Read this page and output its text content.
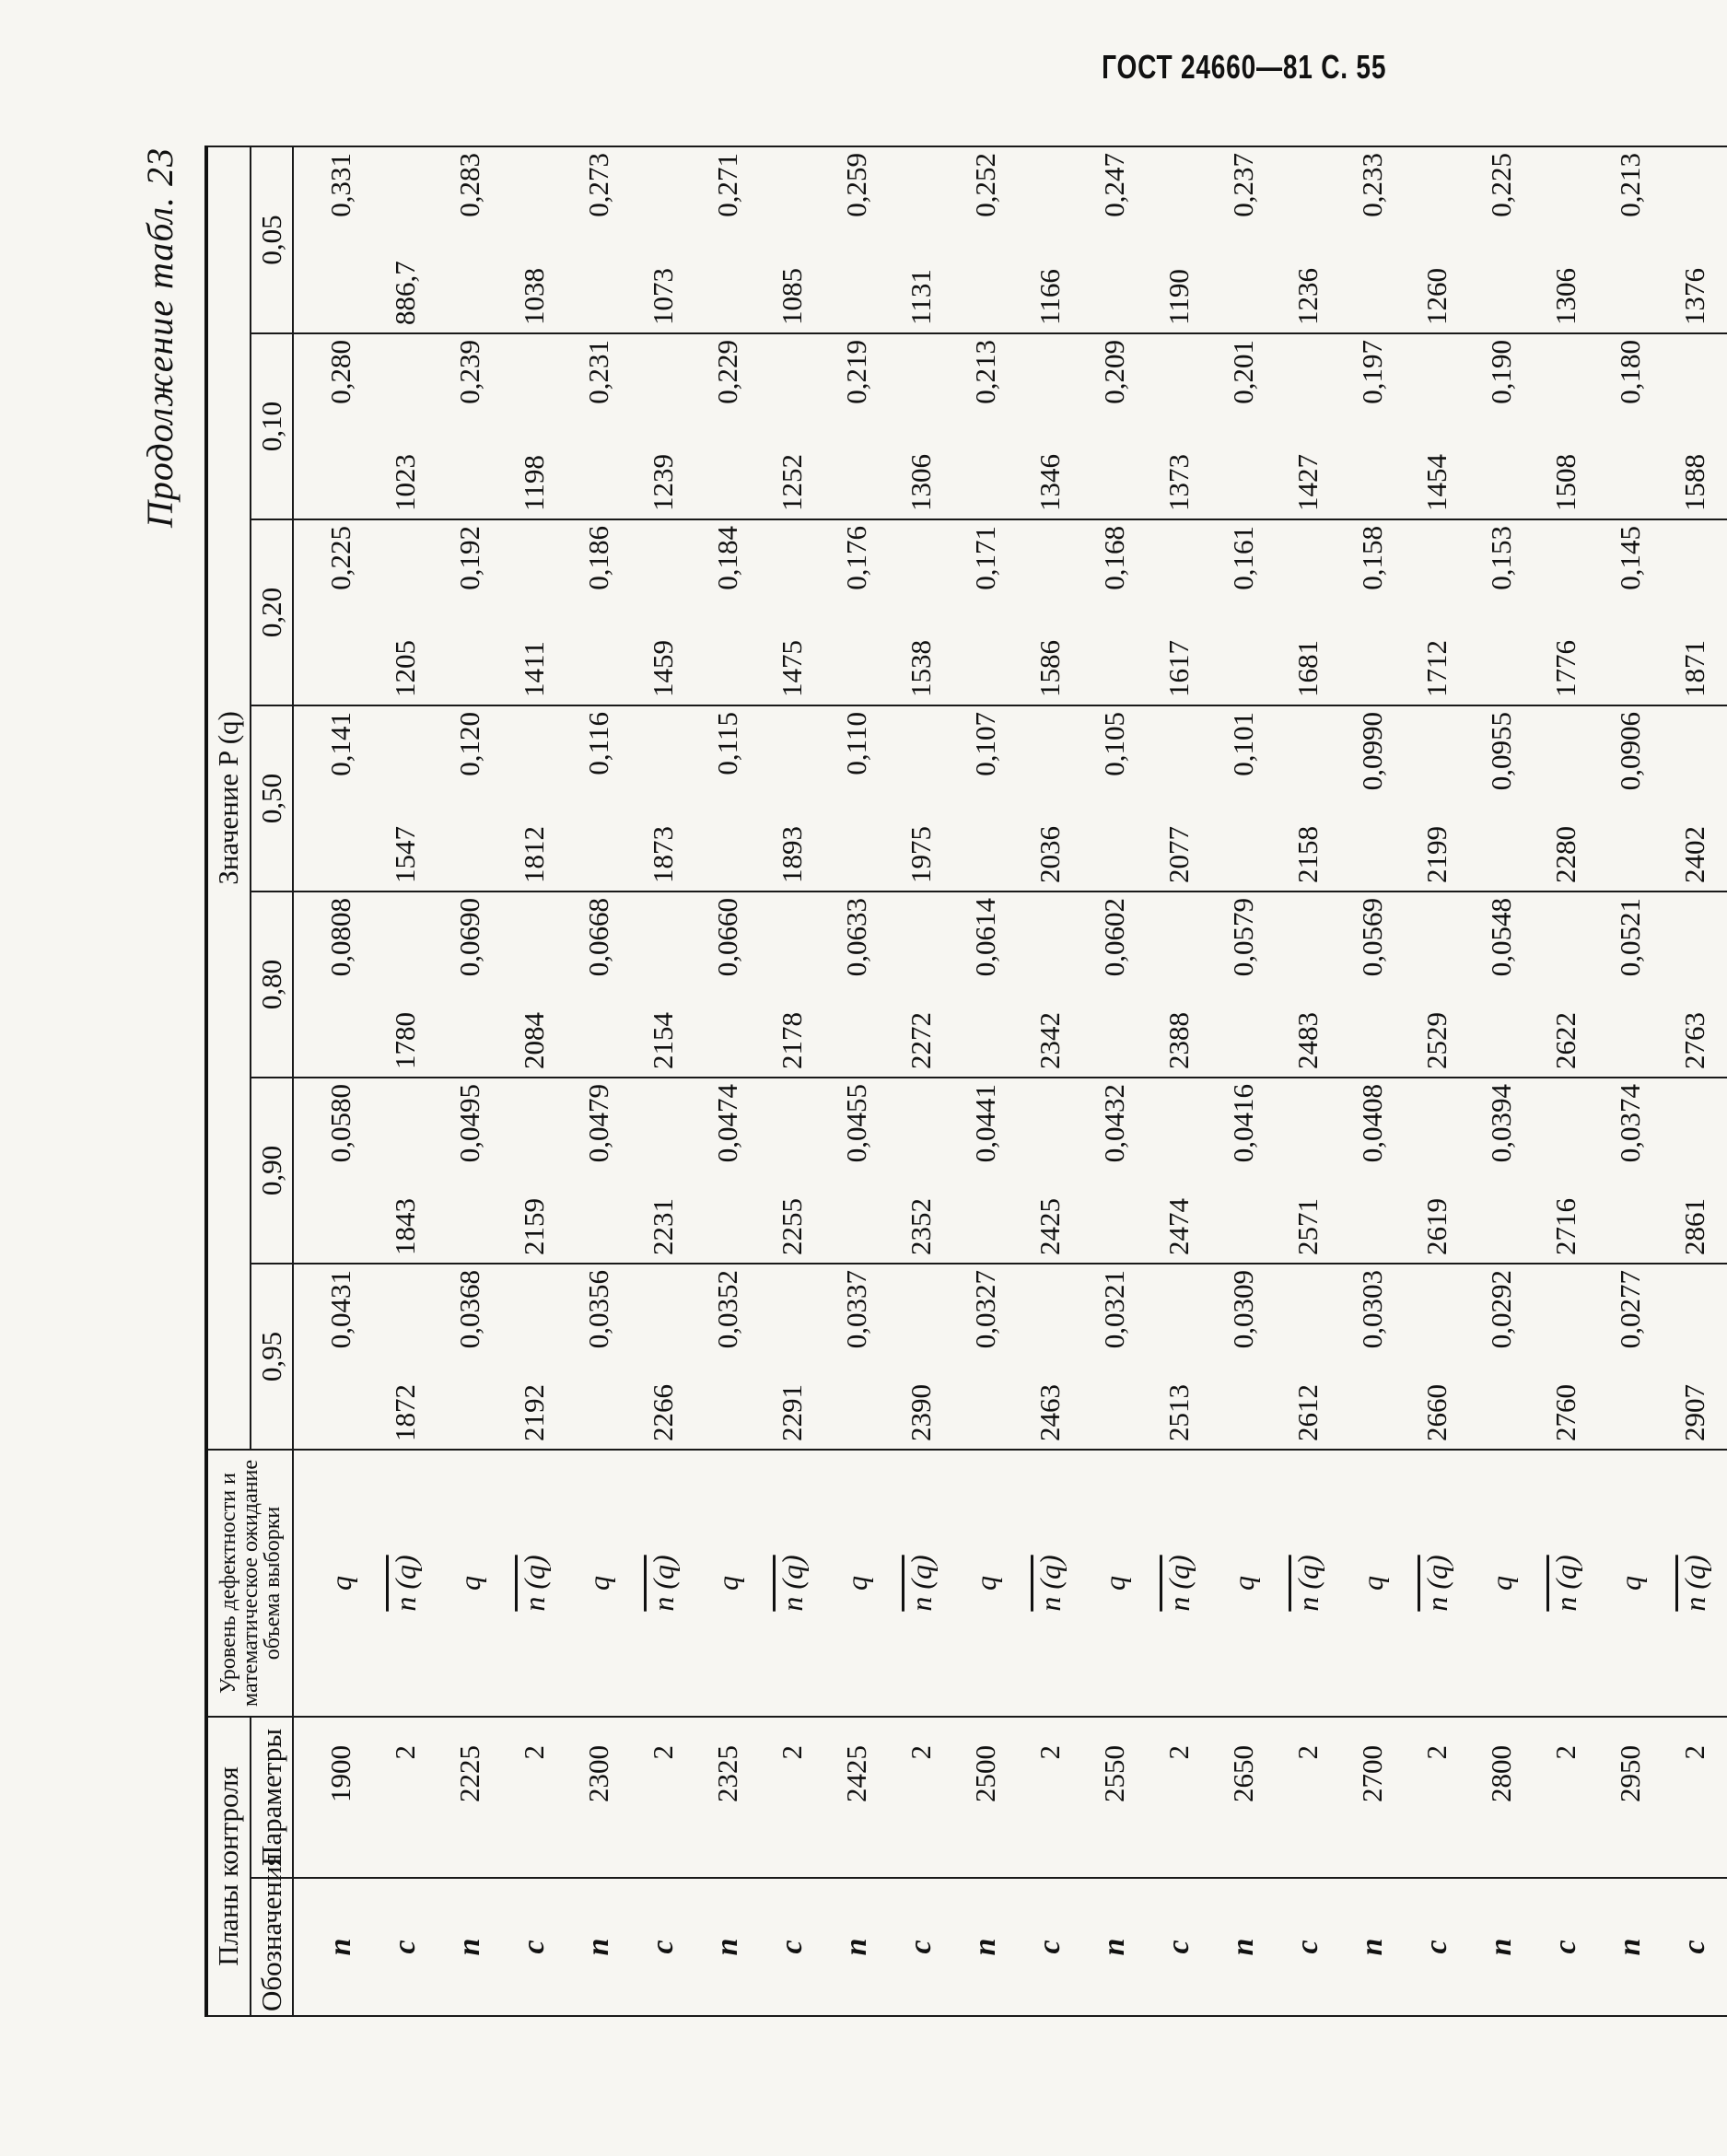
ГОСТ 24660—81 С. 55
Продолжение табл. 23
Планы контроля		Уровень дефектности и математическое ожидание объема выборки	Значение P (q)						
Обозначения	Параметры		0,95	0,90	0,80	0,50	0,20	0,10	0,05
n	1900	q	0,0431	0,0580	0,0808	0,141	0,225	0,280	0,331
c	2	n (q)	1872	1843	1780	1547	1205	1023	886,7
n	2225	q	0,0368	0,0495	0,0690	0,120	0,192	0,239	0,283
c	2	n (q)	2192	2159	2084	1812	1411	1198	1038
n	2300	q	0,0356	0,0479	0,0668	0,116	0,186	0,231	0,273
c	2	n (q)	2266	2231	2154	1873	1459	1239	1073
n	2325	q	0,0352	0,0474	0,0660	0,115	0,184	0,229	0,271
c	2	n (q)	2291	2255	2178	1893	1475	1252	1085
n	2425	q	0,0337	0,0455	0,0633	0,110	0,176	0,219	0,259
c	2	n (q)	2390	2352	2272	1975	1538	1306	1131
n	2500	q	0,0327	0,0441	0,0614	0,107	0,171	0,213	0,252
c	2	n (q)	2463	2425	2342	2036	1586	1346	1166
n	2550	q	0,0321	0,0432	0,0602	0,105	0,168	0,209	0,247
c	2	n (q)	2513	2474	2388	2077	1617	1373	1190
n	2650	q	0,0309	0,0416	0,0579	0,101	0,161	0,201	0,237
c	2	n (q)	2612	2571	2483	2158	1681	1427	1236
n	2700	q	0,0303	0,0408	0,0569	0,0990	0,158	0,197	0,233
c	2	n (q)	2660	2619	2529	2199	1712	1454	1260
n	2800	q	0,0292	0,0394	0,0548	0,0955	0,153	0,190	0,225
c	2	n (q)	2760	2716	2622	2280	1776	1508	1306
n	2950	q	0,0277	0,0374	0,0521	0,0906	0,145	0,180	0,213
c	2	n (q)	2907	2861	2763	2402	1871	1588	1376
